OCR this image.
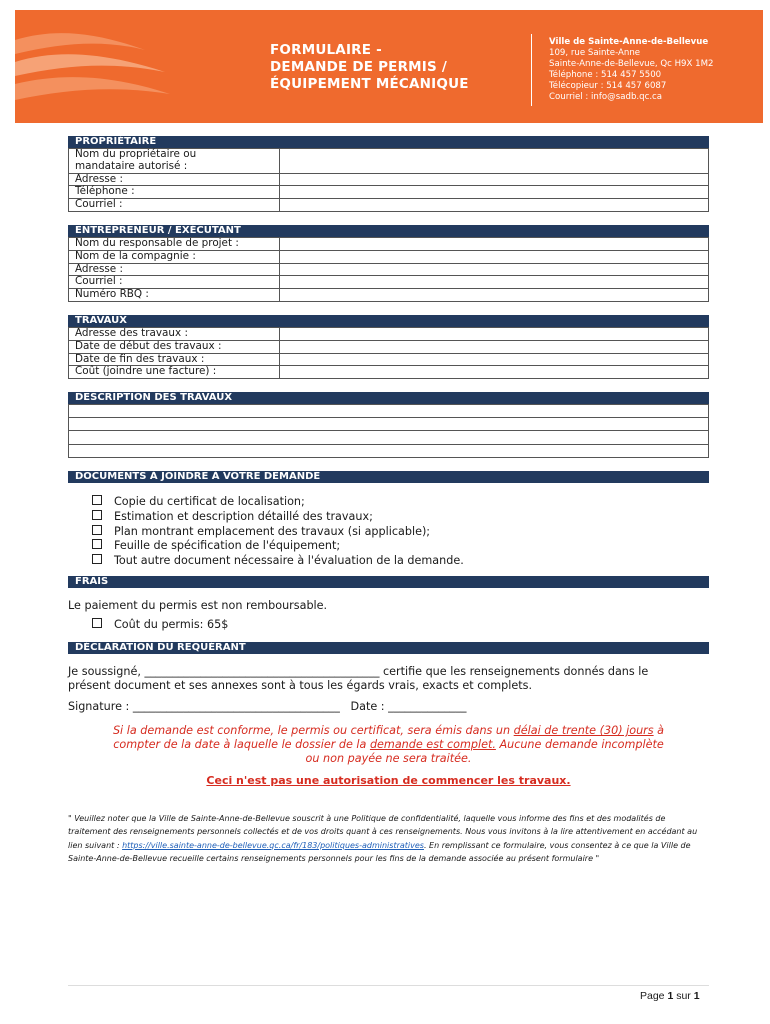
FORMULAIRE -
DEMANDE DE PERMIS /
ÉQUIPEMENT MÉCANIQUE
Ville de Sainte-Anne-de-Bellevue
109, rue Sainte-Anne
Sainte-Anne-de-Bellevue, Qc H9X 1M2
Téléphone : 514 457 5500
Télécopieur : 514 457 6087
Courriel : info@sadb.qc.ca
PROPRIÉTAIRE
Nom du propriétaire ou	
mandataire autorisé :	
Adresse :	
Téléphone :	
Courriel :	
ENTREPRENEUR / EXÉCUTANT
Nom du responsable de projet :	
Nom de la compagnie :	
Adresse :	
Courriel :	
Numéro RBQ :	
TRAVAUX
Adresse des travaux :	
Date de début des travaux :	
Date de fin des travaux :	
Coût (joindre une facture) :	
DESCRIPTION DES TRAVAUX
DOCUMENTS À JOINDRE À VOTRE DEMANDE
Copie du certificat de localisation;
Estimation et description détaillé des travaux;
Plan montrant emplacement des travaux (si applicable);
Feuille de spécification de l'équipement;
Tout autre document nécessaire à l'évaluation de la demande.
FRAIS
Le paiement du permis est non remboursable.
Coût du permis: 65$
DÉCLARATION DU REQUÉRANT
Je soussigné, __________________________________________ certifie que les renseignements donnés dans le
présent document et ses annexes sont à tous les égards vrais, exacts et complets.
Signature : _____________________________________ Date : ______________
Si la demande est conforme, le permis ou certificat, sera émis dans un délai de trente (30) jours à
compter de la date à laquelle le dossier de la demande est complet. Aucune demande incomplète
ou non payée ne sera traitée.
Ceci n'est pas une autorisation de commencer les travaux.
" Veuillez noter que la Ville de Sainte-Anne-de-Bellevue souscrit à une Politique de confidentialité, laquelle vous informe des fins et des modalités de traitement des renseignements personnels collectés et de vos droits quant à ces renseignements. Nous vous invitons à la lire attentivement en accédant au lien suivant : https://ville.sainte-anne-de-bellevue.qc.ca/fr/183/politiques-administratives. En remplissant ce formulaire, vous consentez à ce que la Ville de Sainte-Anne-de-Bellevue recueille certains renseignements personnels pour les fins de la demande associée au présent formulaire "
Page 1 sur 1
